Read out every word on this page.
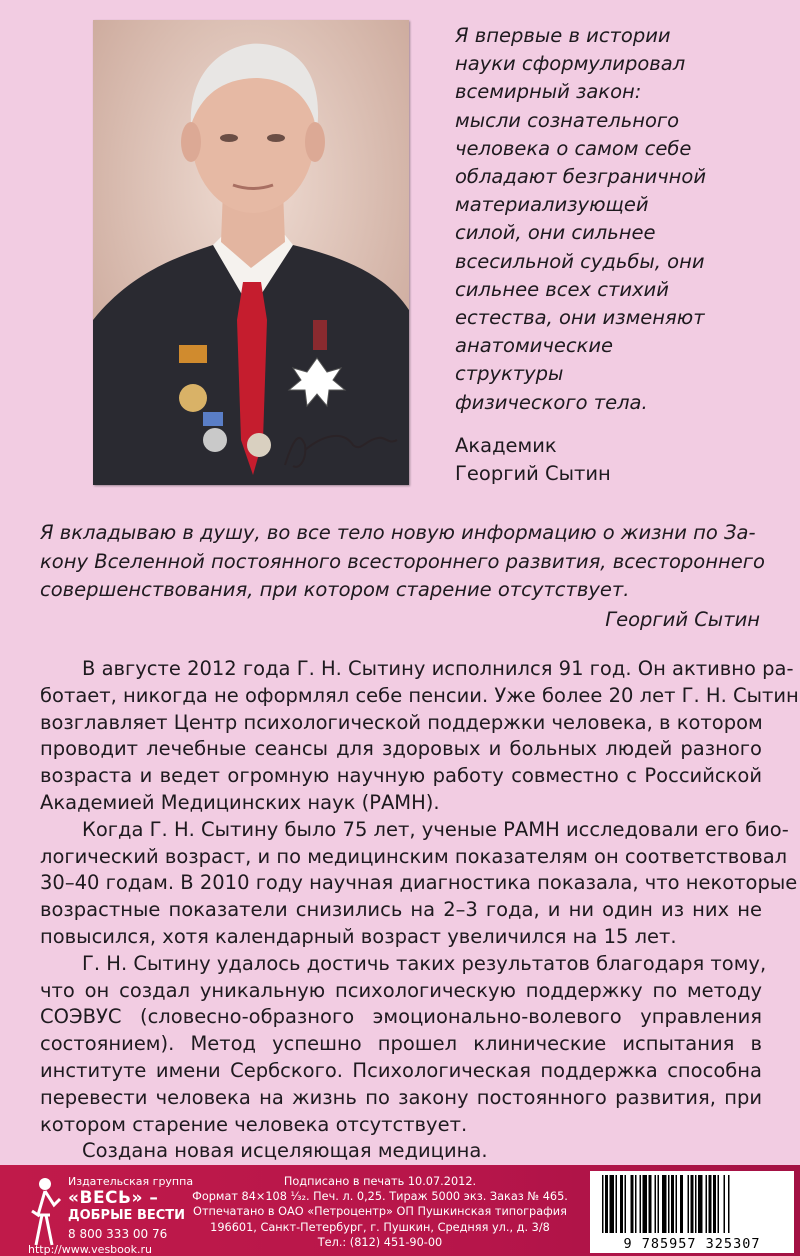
Я впервые в истории
науки сформулировал
всемирный закон:
мысли сознательного
человека о самом себе
обладают безграничной
материализующей
силой, они сильнее
всесильной судьбы, они
сильнее всех стихий
естества, они изменяют
анатомические
структуры
физического тела.
Академик
Георгий Сытин
Я вкладываю в душу, во все тело новую информацию о жизни по За-
кону Вселенной постоянного всестороннего развития, всестороннего
совершенствования, при котором старение отсутствует.
Георгий Сытин
В августе 2012 года Г. Н. Сытину исполнился 91 год. Он активно ра-
ботает, никогда не оформлял себе пенсии. Уже более 20 лет Г. Н. Сытин
возглавляет Центр психологической поддержки человека, в котором
проводит лечебные сеансы для здоровых и больных людей разного
возраста и ведет огромную научную работу совместно с Российской
Академией Медицинских наук (РАМН).
Когда Г. Н. Сытину было 75 лет, ученые РАМН исследовали его био-
логический возраст, и по медицинским показателям он соответствовал
30–40 годам. В 2010 году научная диагностика показала, что некоторые
возрастные показатели снизились на 2–3 года, и ни один из них не
повысился, хотя календарный возраст увеличился на 15 лет.
Г. Н. Сытину удалось достичь таких результатов благодаря тому,
что он создал уникальную психологическую поддержку по методу
СОЭВУС (словесно-образного эмоционально-волевого управления
состоянием). Метод успешно прошел клинические испытания в
институте имени Сербского. Психологическая поддержка способна
перевести человека на жизнь по закону постоянного развития, при
котором старение человека отсутствует.
Создана новая исцеляющая медицина.
Издательская группа
«ВЕСЬ» –
ДОБРЫЕ ВЕСТИ
8 800 333 00 76
http://www.vesbook.ru
Подписано в печать 10.07.2012.
Формат 84×108 ¹⁄₃₂. Печ. л. 0,25. Тираж 5000 экз. Заказ № 465.
Отпечатано в ОАО «Петроцентр» ОП Пушкинская типография
196601, Санкт-Петербург, г. Пушкин, Средняя ул., д. 3/8
Тел.: (812) 451-90-00	9 785957 325307
